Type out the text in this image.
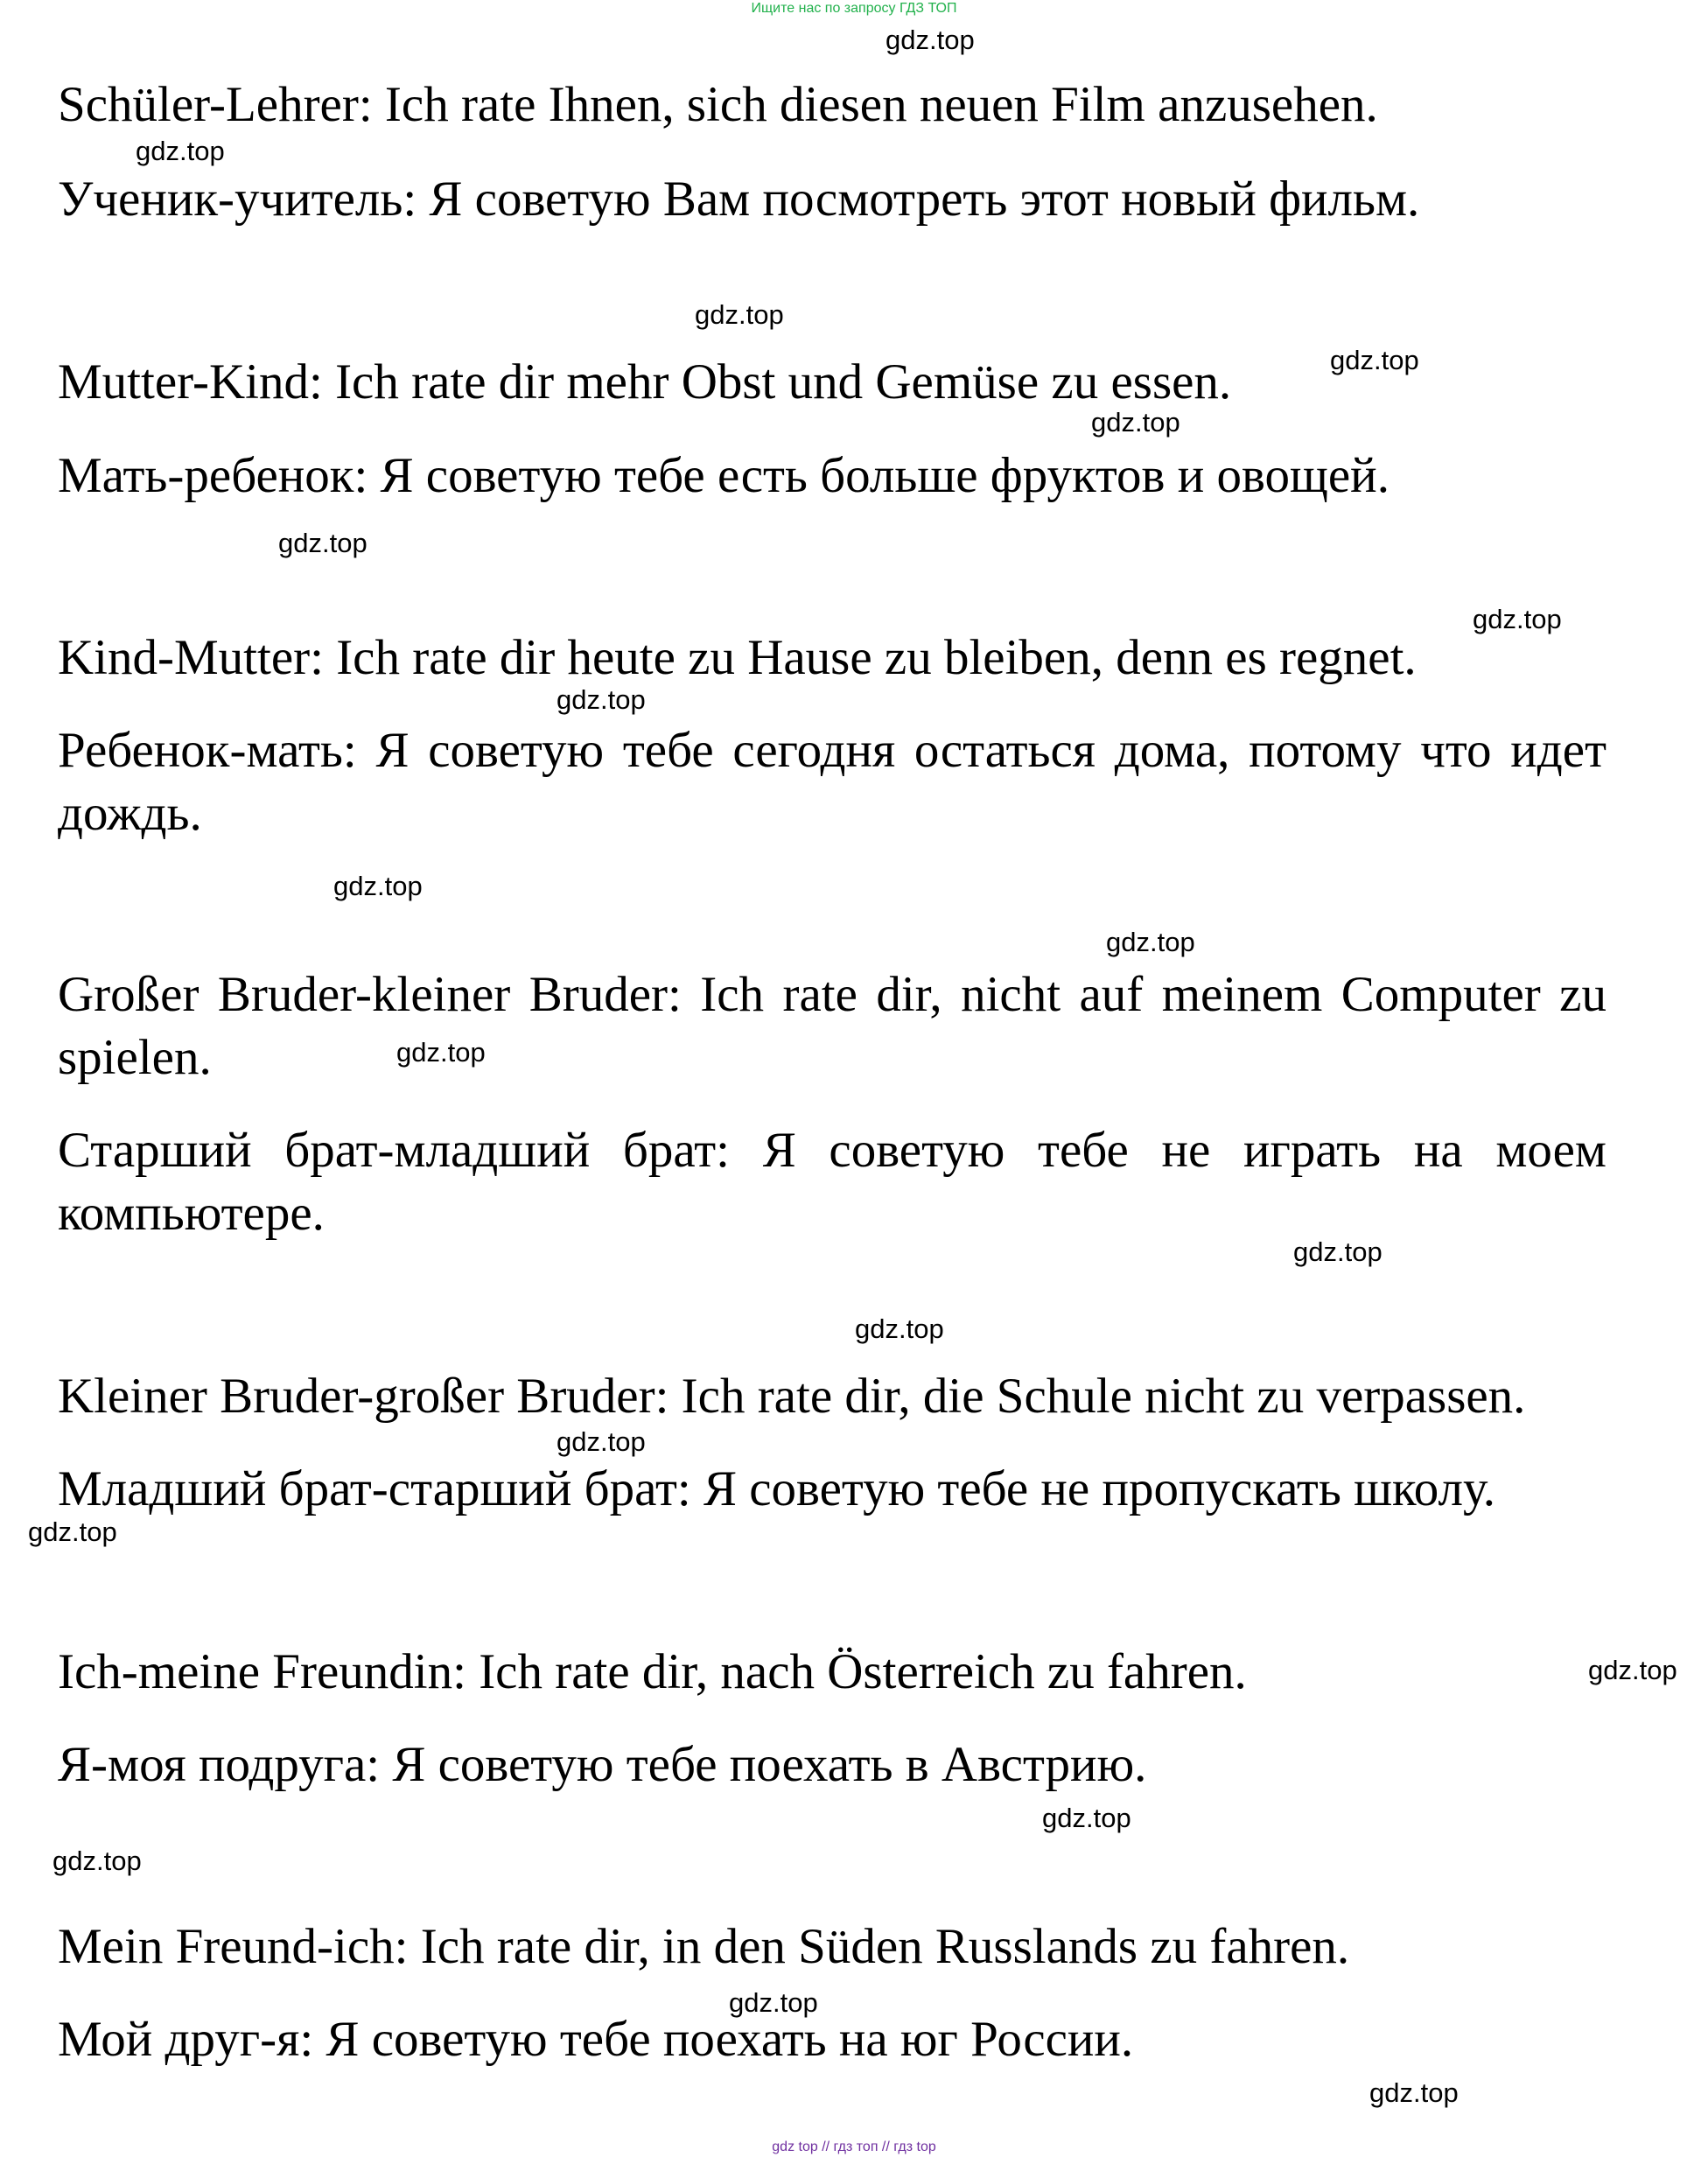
Ищите нас по запросу ГДЗ ТОП
Schüler-Lehrer: Ich rate Ihnen, sich diesen neuen Film anzusehen.
Ученик-учитель: Я советую Вам посмотреть этот новый фильм.
Mutter-Kind: Ich rate dir mehr Obst und Gemüse zu essen.
Мать-ребенок: Я советую тебе есть больше фруктов и овощей.
Kind-Mutter: Ich rate dir heute zu Hause zu bleiben, denn es regnet.
Ребенок-мать: Я советую тебе сегодня остаться дома, потому что идет дождь.
Großer Bruder-kleiner Bruder: Ich rate dir, nicht auf meinem Computer zu spielen.
Старший брат-младший брат: Я советую тебе не играть на моем компьютере.
Kleiner Bruder-großer Bruder: Ich rate dir, die Schule nicht zu verpassen.
Младший брат-старший брат: Я советую тебе не пропускать школу.
Ich-meine Freundin: Ich rate dir, nach Österreich zu fahren.
Я-моя подруга: Я советую тебе поехать в Австрию.
Mein Freund-ich: Ich rate dir, in den Süden Russlands zu fahren.
Мой друг-я: Я советую тебе поехать на юг России.
gdz.top
gdz.top
gdz.top
gdz.top
gdz.top
gdz.top
gdz.top
gdz.top
gdz.top
gdz.top
gdz.top
gdz.top
gdz.top
gdz.top
gdz.top
gdz.top
gdz.top
gdz.top
gdz.top
gdz.top
gdz top // гдз топ // гдз top
